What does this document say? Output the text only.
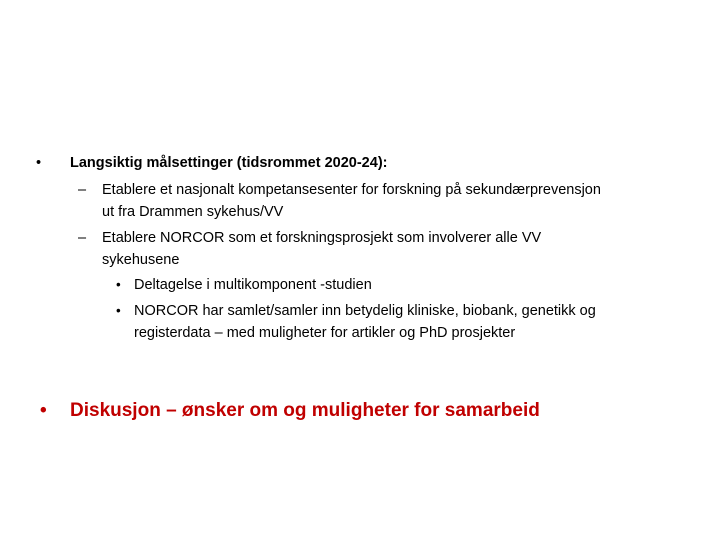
• Langsiktig målsettinger (tidsrommet 2020-24):
– Etablere et nasjonalt kompetansesenter for forskning på sekundærprevensjon
ut fra Drammen sykehus/VV
– Etablere NORCOR som et forskningsprosjekt som involverer alle VV
sykehusene
• Deltagelse i multikomponent -studien
• NORCOR har samlet/samler inn betydelig kliniske, biobank, genetikk og
registerdata – med muligheter for artikler og PhD prosjekter
• Diskusjon – ønsker om og muligheter for samarbeid
